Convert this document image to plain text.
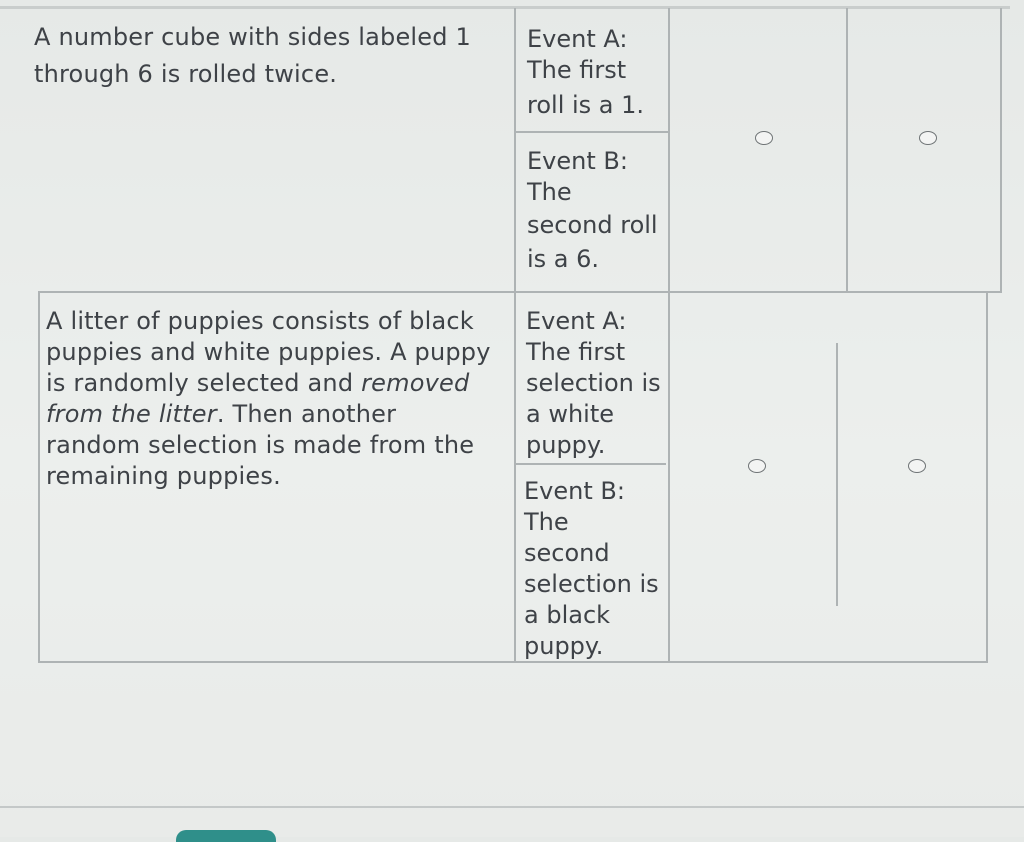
A number cube with sides labeled 1
through 6 is rolled twice.
Event A:
The first
roll is a 1.
Event B:
The
second roll
is a 6.
A litter of puppies consists of black
puppies and white puppies. A puppy
is randomly selected and removed
from the litter. Then another
random selection is made from the
remaining puppies.
Event A:
The first
selection is
a white
puppy.
Event B:
The
second
selection is
a black
puppy.
